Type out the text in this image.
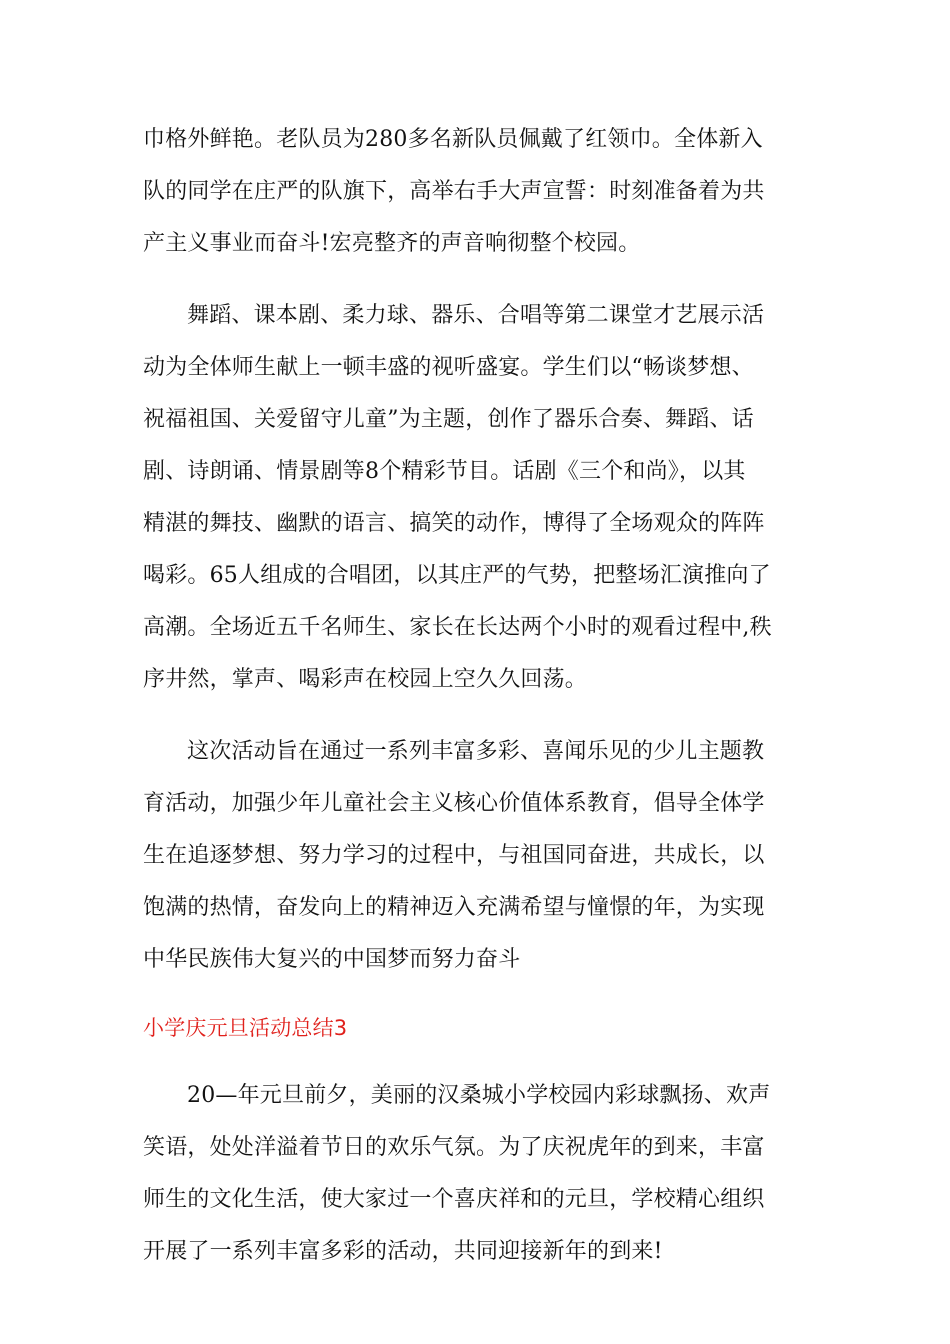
巾格外鲜艳。老队员为280多名新队员佩戴了红领巾。全体新入
队的同学在庄严的队旗下，高举右手大声宣誓：时刻准备着为共
产主义事业而奋斗!宏亮整齐的声音响彻整个校园。
舞蹈、课本剧、柔力球、器乐、合唱等第二课堂才艺展示活
动为全体师生献上一顿丰盛的视听盛宴。学生们以“畅谈梦想、
祝福祖国、关爱留守儿童”为主题，创作了器乐合奏、舞蹈、话
剧、诗朗诵、情景剧等8个精彩节目。话剧《三个和尚》，以其
精湛的舞技、幽默的语言、搞笑的动作，博得了全场观众的阵阵
喝彩。65人组成的合唱团，以其庄严的气势，把整场汇演推向了
高潮。全场近五千名师生、家长在长达两个小时的观看过程中,秩
序井然，掌声、喝彩声在校园上空久久回荡。
这次活动旨在通过一系列丰富多彩、喜闻乐见的少儿主题教
育活动，加强少年儿童社会主义核心价值体系教育，倡导全体学
生在追逐梦想、努力学习的过程中，与祖国同奋进，共成长，以
饱满的热情，奋发向上的精神迈入充满希望与憧憬的年，为实现
中华民族伟大复兴的中国梦而努力奋斗
小学庆元旦活动总结3
20—年元旦前夕，美丽的汉桑城小学校园内彩球飘扬、欢声
笑语，处处洋溢着节日的欢乐气氛。为了庆祝虎年的到来，丰富
师生的文化生活，使大家过一个喜庆祥和的元旦，学校精心组织
开展了一系列丰富多彩的活动，共同迎接新年的到来!
